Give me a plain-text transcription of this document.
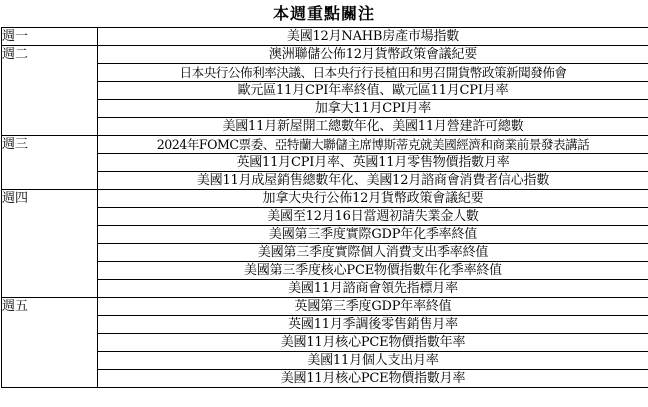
本週重點關注
週一	美國12月NAHB房產市場指數
週二	澳洲聯儲公佈12月貨幣政策會議紀要
	日本央行公佈利率決議、日本央行行長植田和男召開貨幣政策新聞發佈會
	歐元區11月CPI年率終值、歐元區11月CPI月率
	加拿大11月CPI月率
	美國11月新屋開工總數年化、美國11月營建許可總數
週三	2024年FOMC票委、亞特蘭大聯儲主席博斯蒂克就美國經濟和商業前景發表講話
	英國11月CPI月率、英國11月零售物價指數月率
	美國11月成屋銷售總數年化、美國12月諮商會消費者信心指數
週四	加拿大央行公佈12月貨幣政策會議紀要
	美國至12月16日當週初請失業金人數
	美國第三季度實際GDP年化季率終值
	美國第三季度實際個人消費支出季率終值
	美國第三季度核心PCE物價指數年化季率終值
	美國11月諮商會領先指標月率
週五	英國第三季度GDP年率終值
	英國11月季調後零售銷售月率
	美國11月核心PCE物價指數年率
	美國11月個人支出月率
	美國11月核心PCE物價指數月率
